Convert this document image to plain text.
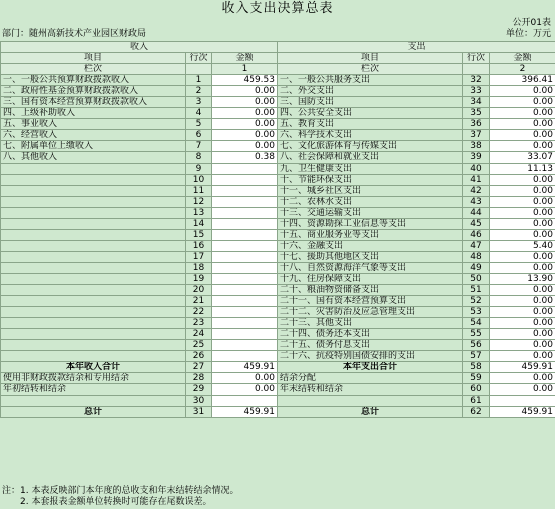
收入支出决算总表
公开01表
部门：随州高新技术产业园区财政局	单位：万元
收入			支出		
项目	行次	金额	项目	行次	金额
栏次		1	栏次		2
一、一般公共预算财政拨款收入	1	459.53	一、一般公共服务支出	32	396.41
二、政府性基金预算财政拨款收入	2	0.00	二、外交支出	33	0.00
三、国有资本经营预算财政拨款收入	3	0.00	三、国防支出	34	0.00
四、上级补助收入	4	0.00	四、公共安全支出	35	0.00
五、事业收入	5	0.00	五、教育支出	36	0.00
六、经营收入	6	0.00	六、科学技术支出	37	0.00
七、附属单位上缴收入	7	0.00	七、文化旅游体育与传媒支出	38	0.00
八、其他收入	8	0.38	八、社会保障和就业支出	39	33.07
	9		九、卫生健康支出	40	11.13
	10		十、节能环保支出	41	0.00
	11		十一、城乡社区支出	42	0.00
	12		十二、农林水支出	43	0.00
	13		十三、交通运输支出	44	0.00
	14		十四、资源勘探工业信息等支出	45	0.00
	15		十五、商业服务业等支出	46	0.00
	16		十六、金融支出	47	5.40
	17		十七、援助其他地区支出	48	0.00
	18		十八、自然资源海洋气象等支出	49	0.00
	19		十九、住房保障支出	50	13.90
	20		二十、粮油物资储备支出	51	0.00
	21		二十一、国有资本经营预算支出	52	0.00
	22		二十二、灾害防治及应急管理支出	53	0.00
	23		二十三、其他支出	54	0.00
	24		二十四、债务还本支出	55	0.00
	25		二十五、债务付息支出	56	0.00
	26		二十六、抗疫特别国债安排的支出	57	0.00
本年收入合计	27	459.91	本年支出合计	58	459.91
使用非财政拨款结余和专用结余	28	0.00	结余分配	59	0.00
年初结转和结余	29	0.00	年末结转和结余	60	0.00
	30			61	
总计	31	459.91	总计	62	459.91
注：1. 本表反映部门本年度的总收支和年末结转结余情况。
　　2. 本套报表金额单位转换时可能存在尾数误差。
